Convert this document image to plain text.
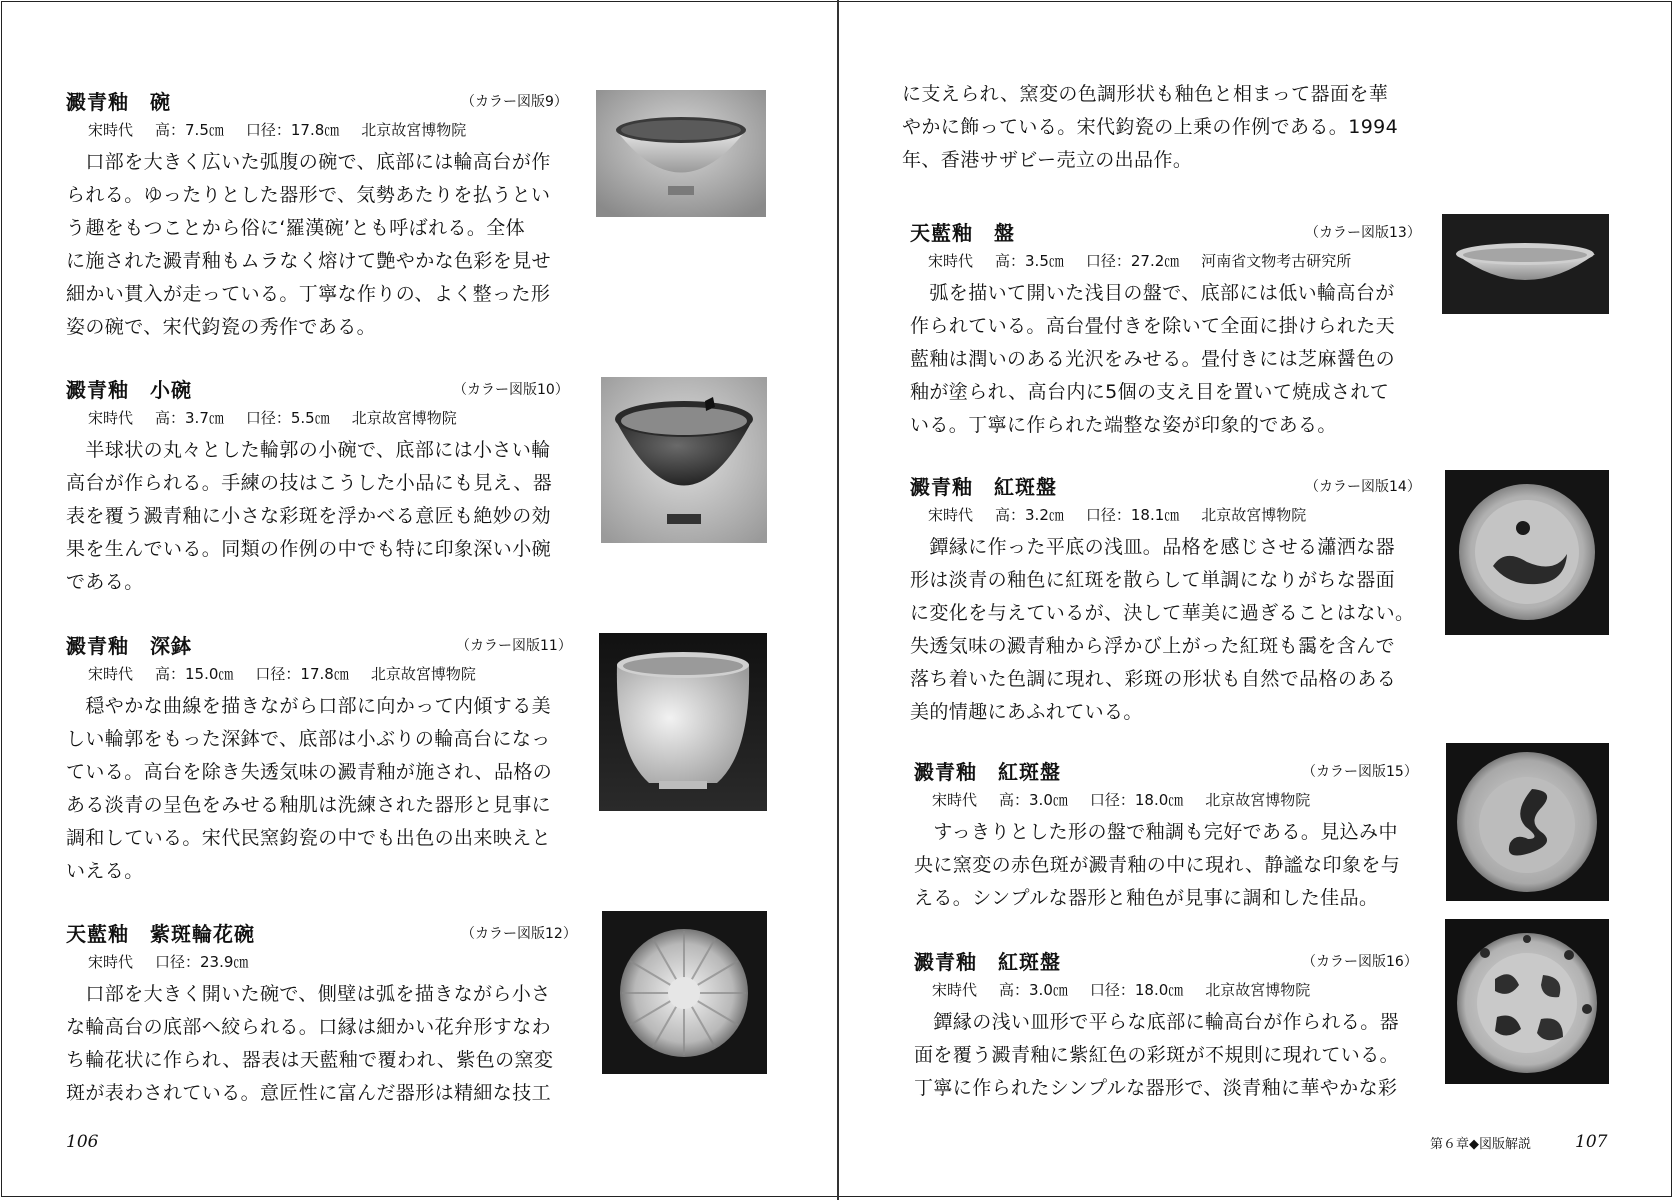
澱青釉　碗	（カラー図版9）
宋時代 高：7.5㎝ 口径：17.8㎝ 北京故宮博物院
　口部を大きく広いた弧腹の碗で、底部には輪高台が作
られる。ゆったりとした器形で、気勢あたりを払うとい
う趣をもつことから俗に‘羅漢碗’とも呼ばれる。全体
に施された澱青釉もムラなく熔けて艶やかな色彩を見せ
細かい貫入が走っている。丁寧な作りの、よく整った形
姿の碗で、宋代鈞瓷の秀作である。
澱青釉　小碗	（カラー図版10）
宋時代 高：3.7㎝ 口径：5.5㎝ 北京故宮博物院
　半球状の丸々とした輪郭の小碗で、底部には小さい輪
高台が作られる。手練の技はこうした小品にも見え、器
表を覆う澱青釉に小さな彩斑を浮かべる意匠も絶妙の効
果を生んでいる。同類の作例の中でも特に印象深い小碗
である。
澱青釉　深鉢	（カラー図版11）
宋時代 高：15.0㎝ 口径：17.8㎝ 北京故宮博物院
　穏やかな曲線を描きながら口部に向かって内傾する美
しい輪郭をもった深鉢で、底部は小ぶりの輪高台になっ
ている。高台を除き失透気味の澱青釉が施され、品格の
ある淡青の呈色をみせる釉肌は洗練された器形と見事に
調和している。宋代民窯鈞瓷の中でも出色の出来映えと
いえる。
天藍釉　紫斑輪花碗	（カラー図版12）
宋時代 口径：23.9㎝
　口部を大きく開いた碗で、側壁は弧を描きながら小さ
な輪高台の底部へ絞られる。口縁は細かい花弁形すなわ
ち輪花状に作られ、器表は天藍釉で覆われ、紫色の窯変
斑が表わされている。意匠性に富んだ器形は精細な技工
106
に支えられ、窯変の色調形状も釉色と相まって器面を華
やかに飾っている。宋代鈞瓷の上乗の作例である。1994
年、香港サザビー売立の出品作。
天藍釉　盤	（カラー図版13）
宋時代 高：3.5㎝ 口径：27.2㎝ 河南省文物考古研究所
　弧を描いて開いた浅目の盤で、底部には低い輪高台が
作られている。高台畳付きを除いて全面に掛けられた天
藍釉は潤いのある光沢をみせる。畳付きには芝麻醤色の
釉が塗られ、高台内に5個の支え目を置いて焼成されて
いる。丁寧に作られた端整な姿が印象的である。
澱青釉　紅斑盤	（カラー図版14）
宋時代 高：3.2㎝ 口径：18.1㎝ 北京故宮博物院
　鐔縁に作った平底の浅皿。品格を感じさせる瀟洒な器
形は淡青の釉色に紅斑を散らして単調になりがちな器面
に変化を与えているが、決して華美に過ぎることはない。
失透気味の澱青釉から浮かび上がった紅斑も靄を含んで
落ち着いた色調に現れ、彩斑の形状も自然で品格のある
美的情趣にあふれている。
澱青釉　紅斑盤	（カラー図版15）
宋時代 高：3.0㎝ 口径：18.0㎝ 北京故宮博物院
　すっきりとした形の盤で釉調も完好である。見込み中
央に窯変の赤色斑が澱青釉の中に現れ、静謐な印象を与
える。シンプルな器形と釉色が見事に調和した佳品。
澱青釉　紅斑盤	（カラー図版16）
宋時代 高：3.0㎝ 口径：18.0㎝ 北京故宮博物院
　鐔縁の浅い皿形で平らな底部に輪高台が作られる。器
面を覆う澱青釉に紫紅色の彩斑が不規則に現れている。
丁寧に作られたシンプルな器形で、淡青釉に華やかな彩
第６章◆図版解説	107
